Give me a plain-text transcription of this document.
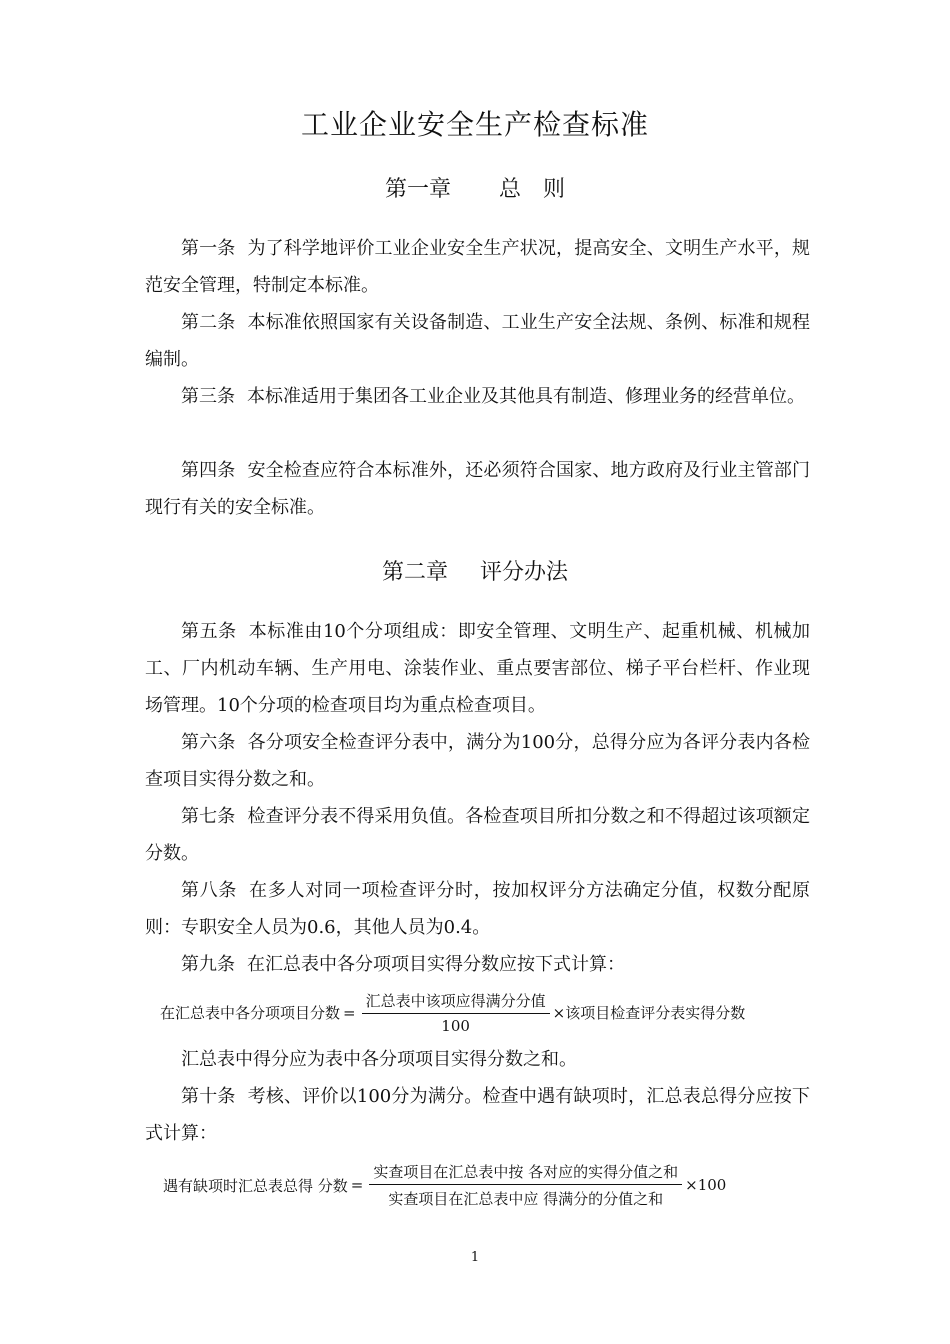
工业企业安全生产检查标准
第一章 总　则

第一条 为了科学地评价工业企业安全生产状况，提高安全、文明生产水平，规范安全管理，特制定本标准。

第二条 本标准依照国家有关设备制造、工业生产安全法规、条例、标准和规程编制。

第三条 本标准适用于集团各工业企业及其他具有制造、修理业务的经营单位。

第四条 安全检查应符合本标准外，还必须符合国家、地方政府及行业主管部门现行有关的安全标准。

第二章 评分办法

第五条 本标准由10个分项组成：即安全管理、文明生产、起重机械、机械加工、厂内机动车辆、生产用电、涂装作业、重点要害部位、梯子平台栏杆、作业现场管理。10个分项的检查项目均为重点检查项目。

第六条 各分项安全检查评分表中，满分为100分，总得分应为各评分表内各检查项目实得分数之和。

第七条 检查评分表不得采用负值。各检查项目所扣分数之和不得超过该项额定分数。

第八条 在多人对同一项检查评分时，按加权评分方法确定分值，权数分配原则：专职安全人员为0.6，其他人员为0.4。

第九条 在汇总表中各分项项目实得分数应按下式计算：

在汇总表中各分项项目分数 = $\frac{\text{汇总表中该项应得满分分值}}{100}$ × 该项目检查评分表实得分数

汇总表中得分应为表中各分项项目实得分数之和。

第十条 考核、评价以100分为满分。检查中遇有缺项时，汇总表总得分应按下式计算：

遇有缺项时汇总表总得 分数 = $\frac{\text{实查项目在汇总表中按 各对应的实得分值之和}}{\text{实查项目在汇总表中应 得满分的分值之和}} \times 100$
1
